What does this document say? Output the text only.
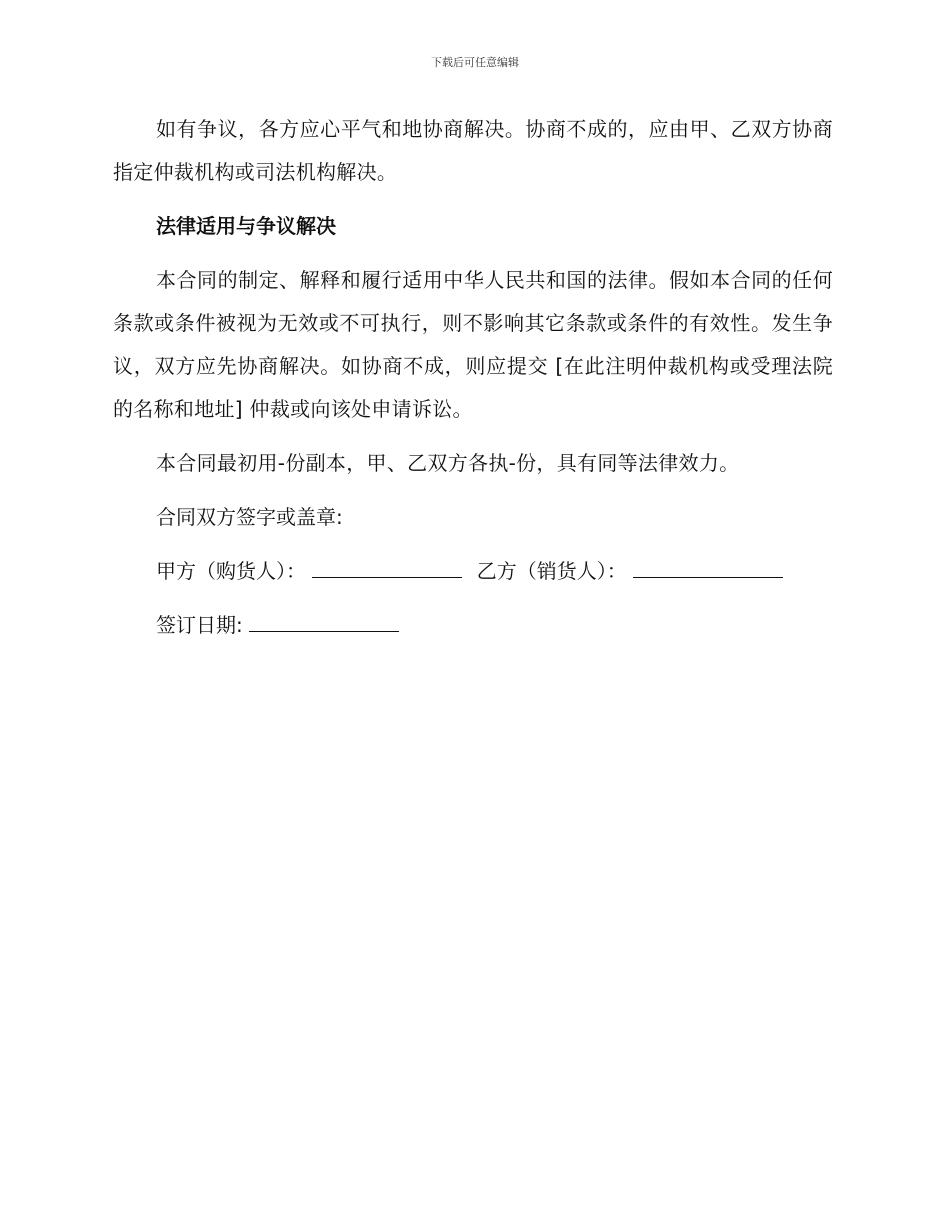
下载后可任意编辑

如有争议，各方应心平气和地协商解决。协商不成的，应由甲、乙双方协商指定仲裁机构或司法机构解决。

法律适用与争议解决

本合同的制定、解释和履行适用中华人民共和国的法律。假如本合同的任何条款或条件被视为无效或不可执行，则不影响其它条款或条件的有效性。发生争议，双方应先协商解决。如协商不成，则应提交 [在此注明仲裁机构或受理法院的名称和地址] 仲裁或向该处申请诉讼。

本合同最初用-份副本，甲、乙双方各执-份，具有同等法律效力。

合同双方签字或盖章:

甲方（购货人）：	乙方（销货人）：

签订日期:
